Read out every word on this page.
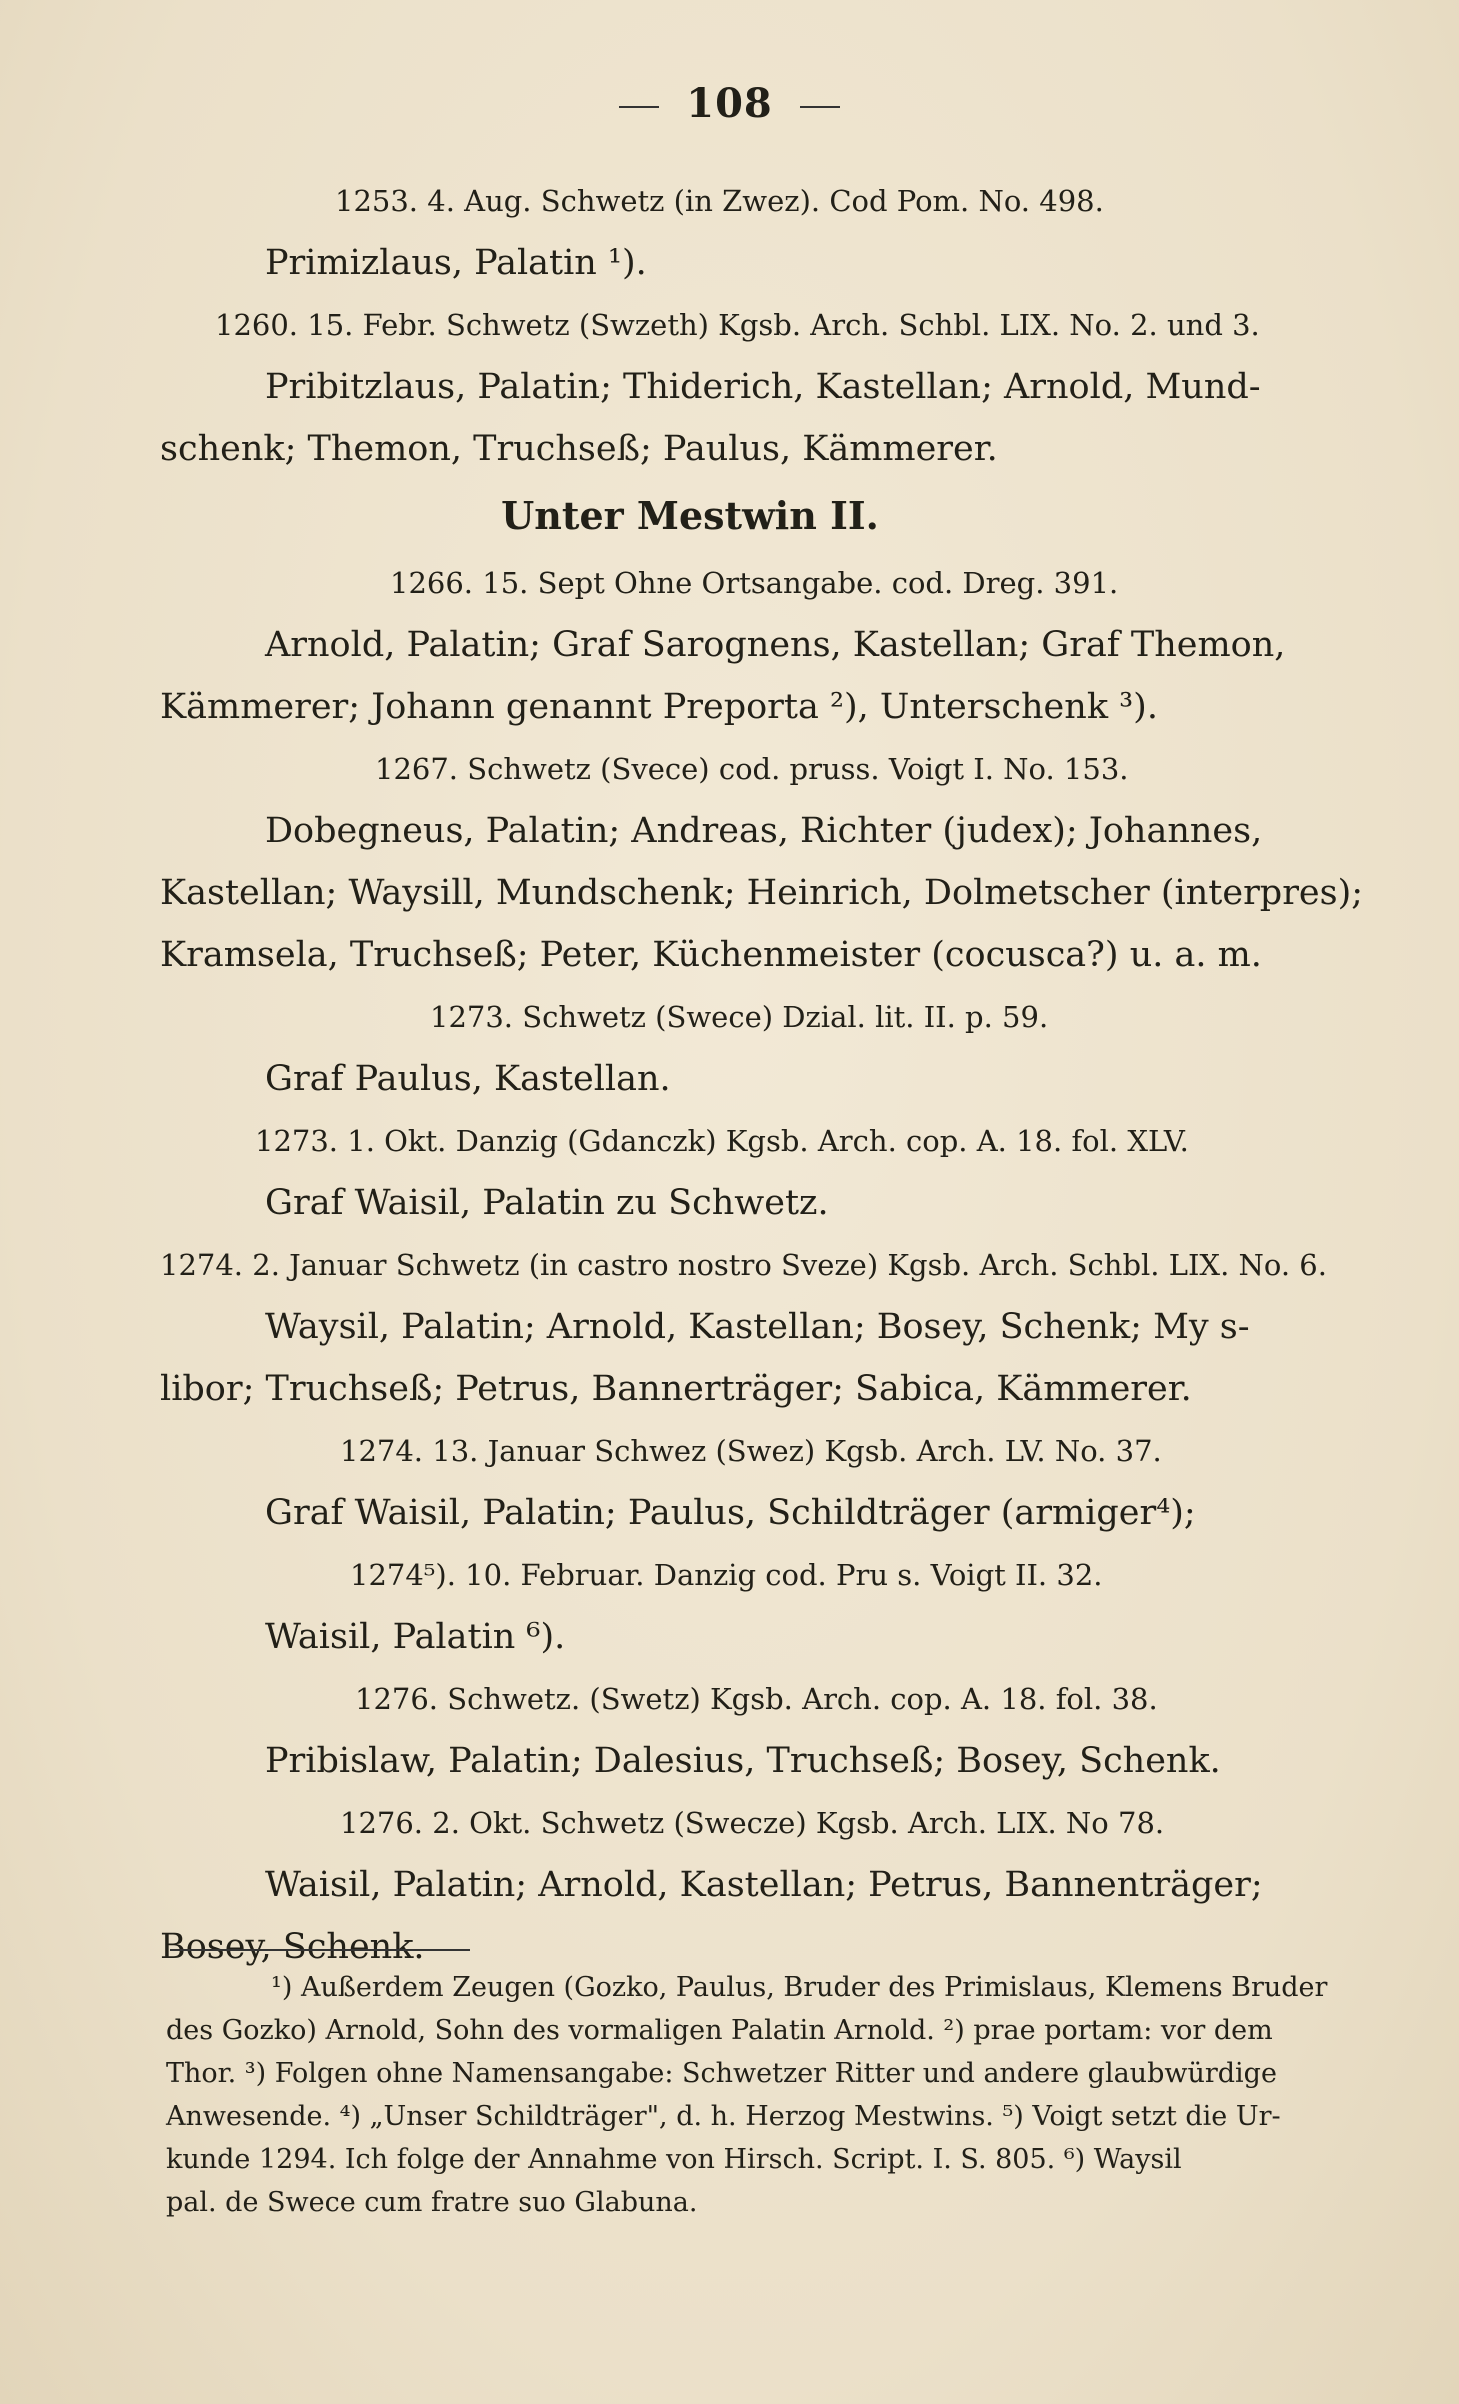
108
1253. 4. Aug. Schwetz (in Zwez). Cod Pom. No. 498.
Primizlaus, Palatin ¹).
1260. 15. Febr. Schwetz (Swzeth) Kgsb. Arch. Schbl. LIX. No. 2. und 3.
Pribitzlaus, Palatin; Thiderich, Kastellan; Arnold, Mund-
schenk; Themon, Truchseß; Paulus, Kämmerer.
Unter Mestwin II.
1266. 15. Sept Ohne Ortsangabe. cod. Dreg. 391.
Arnold, Palatin; Graf Sarognens, Kastellan; Graf Themon,
Kämmerer; Johann genannt Preporta ²), Unterschenk ³).
1267. Schwetz (Svece) cod. pruss. Voigt I. No. 153.
Dobegneus, Palatin; Andreas, Richter (judex); Johannes,
Kastellan; Waysill, Mundschenk; Heinrich, Dolmetscher (interpres);
Kramsela, Truchseß; Peter, Küchenmeister (cocusca?) u. a. m.
1273. Schwetz (Swece) Dzial. lit. II. p. 59.
Graf Paulus, Kastellan.
1273. 1. Okt. Danzig (Gdanczk) Kgsb. Arch. cop. A. 18. fol. XLV.
Graf Waisil, Palatin zu Schwetz.
1274. 2. Januar Schwetz (in castro nostro Sveze) Kgsb. Arch. Schbl. LIX. No. 6.
Waysil, Palatin; Arnold, Kastellan; Bosey, Schenk; My s-
libor; Truchseß; Petrus, Bannerträger; Sabica, Kämmerer.
1274. 13. Januar Schwez (Swez) Kgsb. Arch. LV. No. 37.
Graf Waisil, Palatin; Paulus, Schildträger (armiger⁴);
1274⁵). 10. Februar. Danzig cod. Pru s. Voigt II. 32.
Waisil, Palatin ⁶).
1276. Schwetz. (Swetz) Kgsb. Arch. cop. A. 18. fol. 38.
Pribislaw, Palatin; Dalesius, Truchseß; Bosey, Schenk.
1276. 2. Okt. Schwetz (Swecze) Kgsb. Arch. LIX. No 78.
Waisil, Palatin; Arnold, Kastellan; Petrus, Bannenträger;
Bosey, Schenk.
¹) Außerdem Zeugen (Gozko, Paulus, Bruder des Primislaus, Klemens Bruder
des Gozko) Arnold, Sohn des vormaligen Palatin Arnold. ²) prae portam: vor dem
Thor. ³) Folgen ohne Namensangabe: Schwetzer Ritter und andere glaubwürdige
Anwesende. ⁴) „Unser Schildträger", d. h. Herzog Mestwins. ⁵) Voigt setzt die Ur-
kunde 1294. Ich folge der Annahme von Hirsch. Script. I. S. 805. ⁶) Waysil
pal. de Swece cum fratre suo Glabuna.
